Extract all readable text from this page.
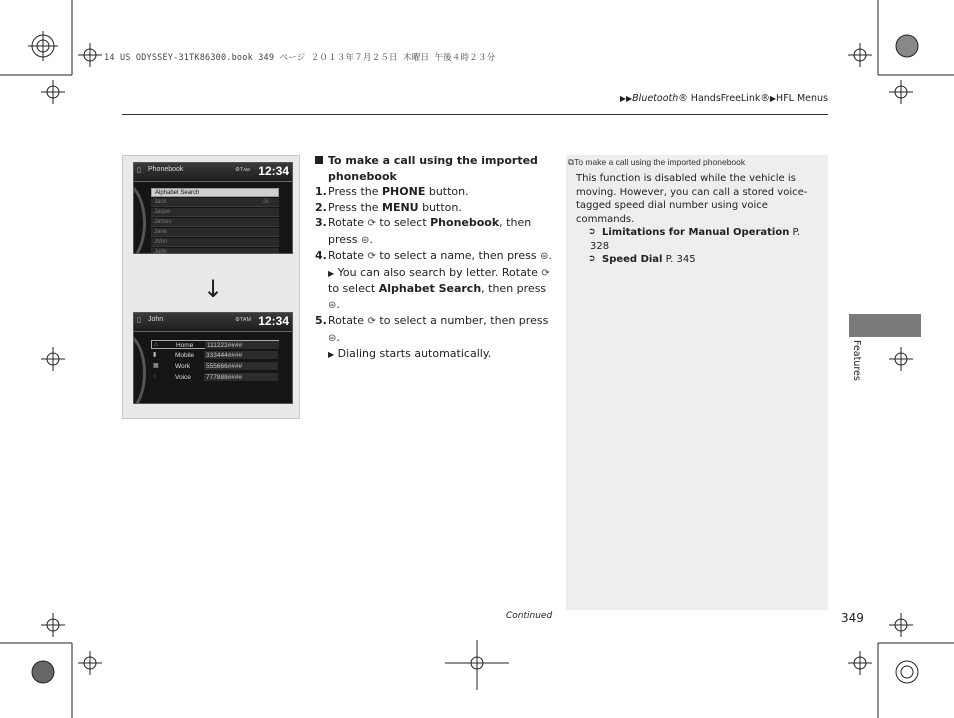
14 US ODYSSEY-31TK86300.book 349 ページ ２０１３年７月２５日 木曜日 午後４時２３分
▶▶Bluetooth® HandsFreeLink®▶HFL Menus
▯ Phonebook	⚙Tᴀᴍ 12:34
Alphabet Search
Jack	Js
Jaque
James
Jane
John
Judy
↓
▯ John	⚙TAM 12:34
⌂	Home	111222####
▮	Mobile	333444####
▦	Work	555666####
◌	Voice	777888####
To make a call using the imported phonebook
1. Press the PHONE button.
2. Press the MENU button.
3. Rotate ⟳ to select Phonebook, then press ⊜.
4. Rotate ⟳ to select a name, then press ⊜.
▶ You can also search by letter. Rotate ⟳ to select Alphabet Search, then press ⊜.
5. Rotate ⟳ to select a number, then press ⊜.
▶ Dialing starts automatically.
⧉To make a call using the imported phonebook
This function is disabled while the vehicle is moving. However, you can call a stored voice-tagged speed dial number using voice commands.
➲ Limitations for Manual Operation P. 328
➲ Speed Dial P. 345
Features
Continued	349
